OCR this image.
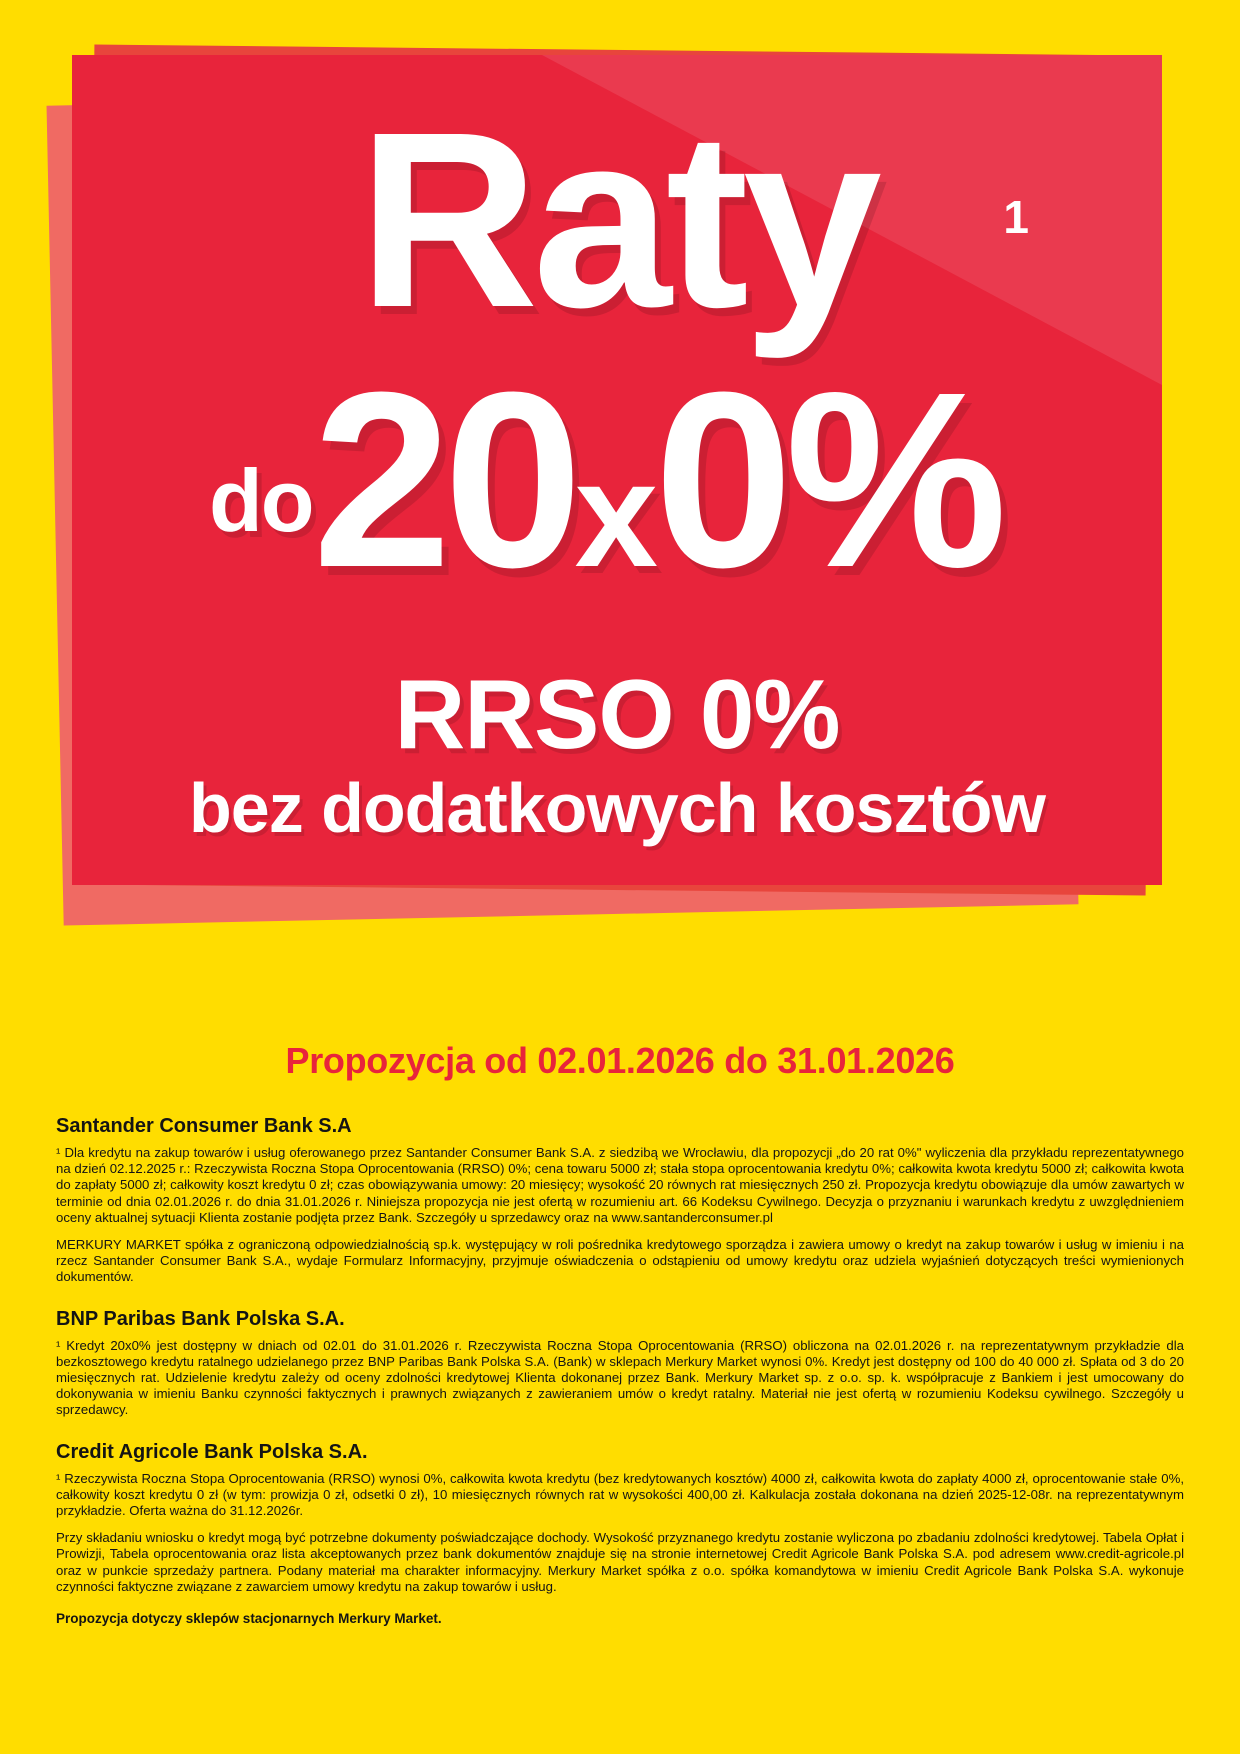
Raty
do20x0%1
RRSO 0%
bez dodatkowych kosztów
Propozycja od 02.01.2026 do 31.01.2026
Santander Consumer Bank S.A
¹ Dla kredytu na zakup towarów i usług oferowanego przez Santander Consumer Bank S.A. z siedzibą we Wrocławiu, dla propozycji „do 20 rat 0%" wyliczenia dla przykładu reprezentatywnego na dzień 02.12.2025 r.: Rzeczywista Roczna Stopa Oprocentowania (RRSO) 0%; cena towaru 5000 zł; stała stopa oprocentowania kredytu 0%; całkowita kwota kredytu 5000 zł; całkowita kwota do zapłaty 5000 zł; całkowity koszt kredytu 0 zł; czas obowiązywania umowy: 20 miesięcy; wysokość 20 równych rat miesięcznych 250 zł. Propozycja kredytu obowiązuje dla umów zawartych w terminie od dnia 02.01.2026 r. do dnia 31.01.2026 r. Niniejsza propozycja nie jest ofertą w rozumieniu art. 66 Kodeksu Cywilnego. Decyzja o przyznaniu i warunkach kredytu z uwzględnieniem oceny aktualnej sytuacji Klienta zostanie podjęta przez Bank. Szczegóły u sprzedawcy oraz na www.santanderconsumer.pl
MERKURY MARKET spółka z ograniczoną odpowiedzialnością sp.k. występujący w roli pośrednika kredytowego sporządza i zawiera umowy o kredyt na zakup towarów i usług w imieniu i na rzecz Santander Consumer Bank S.A., wydaje Formularz Informacyjny, przyjmuje oświadczenia o odstąpieniu od umowy kredytu oraz udziela wyjaśnień dotyczących treści wymienionych dokumentów.
BNP Paribas Bank Polska S.A.
¹ Kredyt 20x0% jest dostępny w dniach od 02.01 do 31.01.2026 r. Rzeczywista Roczna Stopa Oprocentowania (RRSO) obliczona na 02.01.2026 r. na reprezentatywnym przykładzie dla bezkosztowego kredytu ratalnego udzielanego przez BNP Paribas Bank Polska S.A. (Bank) w sklepach Merkury Market wynosi 0%. Kredyt jest dostępny od 100 do 40 000 zł. Spłata od 3 do 20 miesięcznych rat. Udzielenie kredytu zależy od oceny zdolności kredytowej Klienta dokonanej przez Bank. Merkury Market sp. z o.o. sp. k. współpracuje z Bankiem i jest umocowany do dokonywania w imieniu Banku czynności faktycznych i prawnych związanych z zawieraniem umów o kredyt ratalny. Materiał nie jest ofertą w rozumieniu Kodeksu cywilnego. Szczegóły u sprzedawcy.
Credit Agricole Bank Polska S.A.
¹ Rzeczywista Roczna Stopa Oprocentowania (RRSO) wynosi 0%, całkowita kwota kredytu (bez kredytowanych kosztów) 4000 zł, całkowita kwota do zapłaty 4000 zł, oprocentowanie stałe 0%, całkowity koszt kredytu 0 zł (w tym: prowizja 0 zł, odsetki 0 zł), 10 miesięcznych równych rat w wysokości 400,00 zł. Kalkulacja została dokonana na dzień 2025-12-08r. na reprezentatywnym przykładzie. Oferta ważna do 31.12.2026r.
Przy składaniu wniosku o kredyt mogą być potrzebne dokumenty poświadczające dochody. Wysokość przyznanego kredytu zostanie wyliczona po zbadaniu zdolności kredytowej. Tabela Opłat i Prowizji, Tabela oprocentowania oraz lista akceptowanych przez bank dokumentów znajduje się na stronie internetowej Credit Agricole Bank Polska S.A. pod adresem www.credit-agricole.pl oraz w punkcie sprzedaży partnera. Podany materiał ma charakter informacyjny. Merkury Market spółka z o.o. spółka komandytowa w imieniu Credit Agricole Bank Polska S.A. wykonuje czynności faktyczne związane z zawarciem umowy kredytu na zakup towarów i usług.
Propozycja dotyczy sklepów stacjonarnych Merkury Market.
